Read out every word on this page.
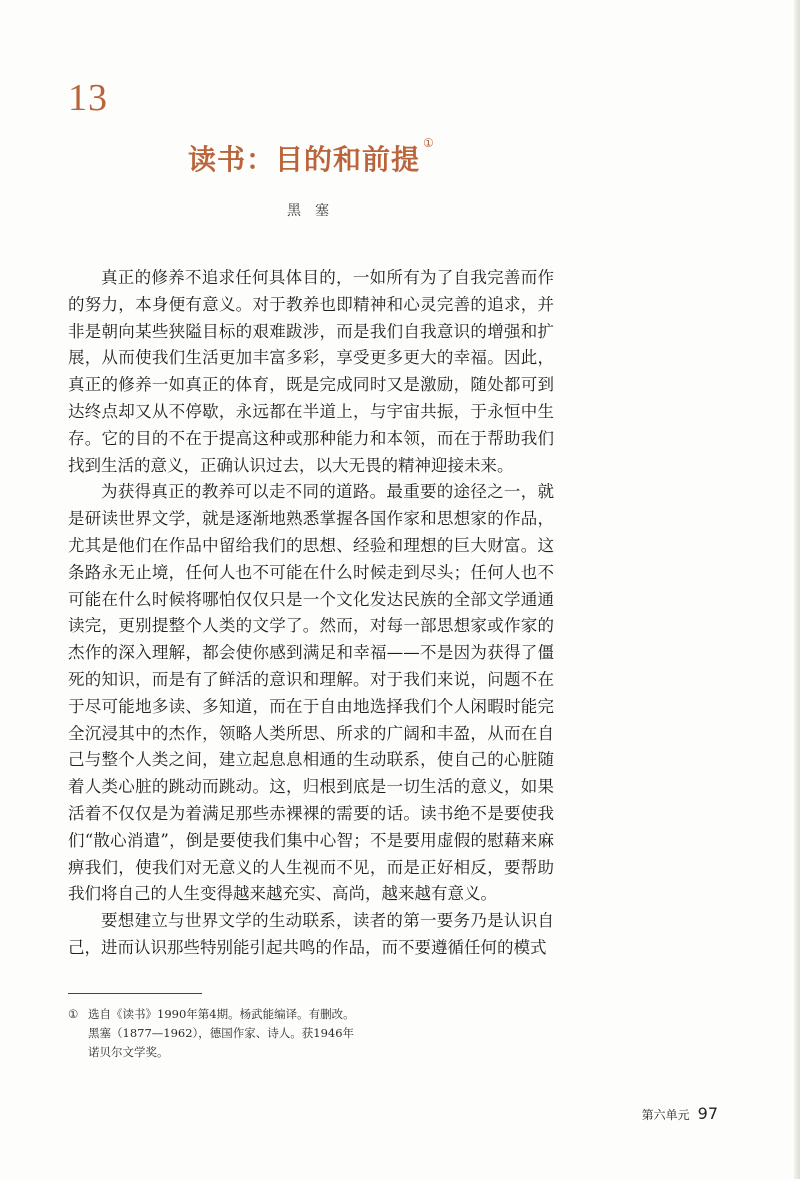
13
读书：目的和前提 ①
黑塞

真正的修养不追求任何具体目的，一如所有为了自我完善而作的努力，本身便有意义。对于教养也即精神和心灵完善的追求，并非是朝向某些狭隘目标的艰难跋涉，而是我们自我意识的增强和扩展，从而使我们生活更加丰富多彩，享受更多更大的幸福。因此，真正的修养一如真正的体育，既是完成同时又是激励，随处都可到达终点却又从不停歇，永远都在半道上，与宇宙共振，于永恒中生存。它的目的不在于提高这种或那种能力和本领，而在于帮助我们找到生活的意义，正确认识过去，以大无畏的精神迎接未来。

为获得真正的教养可以走不同的道路。最重要的途径之一，就是研读世界文学，就是逐渐地熟悉掌握各国作家和思想家的作品，尤其是他们在作品中留给我们的思想、经验和理想的巨大财富。这条路永无止境，任何人也不可能在什么时候走到尽头；任何人也不可能在什么时候将哪怕仅仅只是一个文化发达民族的全部文学通通读完，更别提整个人类的文学了。然而，对每一部思想家或作家的杰作的深入理解，都会使你感到满足和幸福——不是因为获得了僵死的知识，而是有了鲜活的意识和理解。对于我们来说，问题不在于尽可能地多读、多知道，而在于自由地选择我们个人闲暇时能完全沉浸其中的杰作，领略人类所思、所求的广阔和丰盈，从而在自己与整个人类之间，建立起息息相通的生动联系，使自己的心脏随着人类心脏的跳动而跳动。这，归根到底是一切生活的意义，如果活着不仅仅是为着满足那些赤裸裸的需要的话。读书绝不是要使我们“散心消遣”，倒是要使我们集中心智；不是要用虚假的慰藉来麻痹我们，使我们对无意义的人生视而不见，而是正好相反，要帮助我们将自己的人生变得越来越充实、高尚，越来越有意义。

要想建立与世界文学的生动联系，读者的第一要务乃是认识自己，进而认识那些特别能引起共鸣的作品，而不要遵循任何的模式

① 选自《读书》1990年第4期。杨武能编译。有删改。
黑塞（1877—1962），德国作家、诗人。获1946年
诺贝尔文学奖。
第六单元 97
